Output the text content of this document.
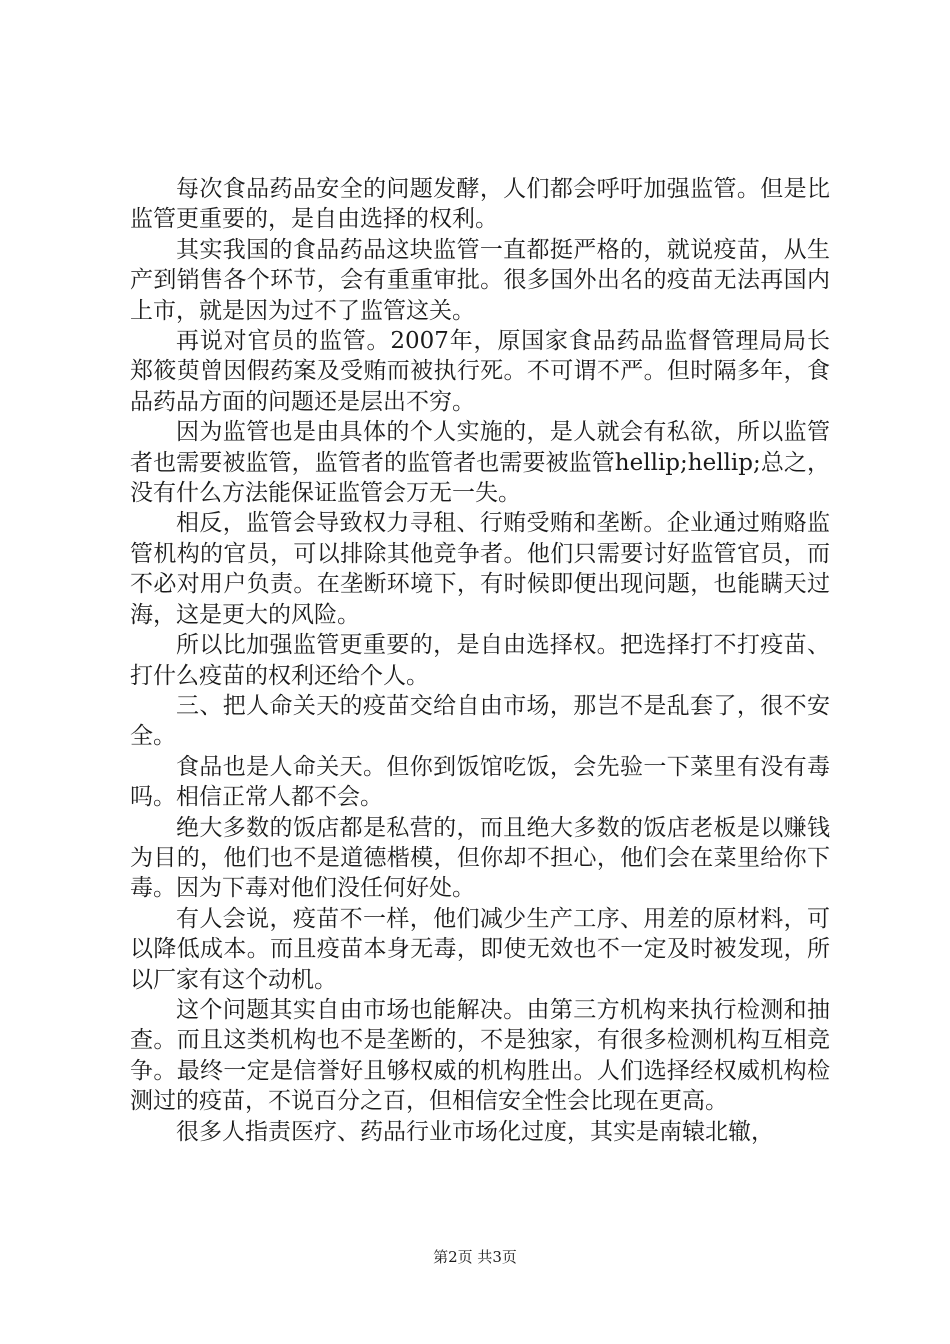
每次食品药品安全的问题发酵，人们都会呼吁加强监管。但是比监管更重要的，是自由选择的权利。

其实我国的食品药品这块监管一直都挺严格的，就说疫苗，从生产到销售各个环节，会有重重审批。很多国外出名的疫苗无法再国内上市，就是因为过不了监管这关。

再说对官员的监管。2007年，原国家食品药品监督管理局局长郑筱萸曾因假药案及受贿而被执行死。不可谓不严。但时隔多年，食品药品方面的问题还是层出不穷。

因为监管也是由具体的个人实施的，是人就会有私欲，所以监管者也需要被监管，监管者的监管者也需要被监管hellip;hellip;总之，没有什么方法能保证监管会万无一失。

相反，监管会导致权力寻租、行贿受贿和垄断。企业通过贿赂监管机构的官员，可以排除其他竞争者。他们只需要讨好监管官员，而不必对用户负责。在垄断环境下，有时候即便出现问题，也能瞒天过海，这是更大的风险。

所以比加强监管更重要的，是自由选择权。把选择打不打疫苗、打什么疫苗的权利还给个人。

三、把人命关天的疫苗交给自由市场，那岂不是乱套了，很不安全。

食品也是人命关天。但你到饭馆吃饭，会先验一下菜里有没有毒吗。相信正常人都不会。

绝大多数的饭店都是私营的，而且绝大多数的饭店老板是以赚钱为目的，他们也不是道德楷模，但你却不担心，他们会在菜里给你下毒。因为下毒对他们没任何好处。

有人会说，疫苗不一样，他们减少生产工序、用差的原材料，可以降低成本。而且疫苗本身无毒，即使无效也不一定及时被发现，所以厂家有这个动机。

这个问题其实自由市场也能解决。由第三方机构来执行检测和抽查。而且这类机构也不是垄断的，不是独家，有很多检测机构互相竞争。最终一定是信誉好且够权威的机构胜出。人们选择经权威机构检测过的疫苗，不说百分之百，但相信安全性会比现在更高。

很多人指责医疗、药品行业市场化过度，其实是南辕北辙，

第2页 共3页
